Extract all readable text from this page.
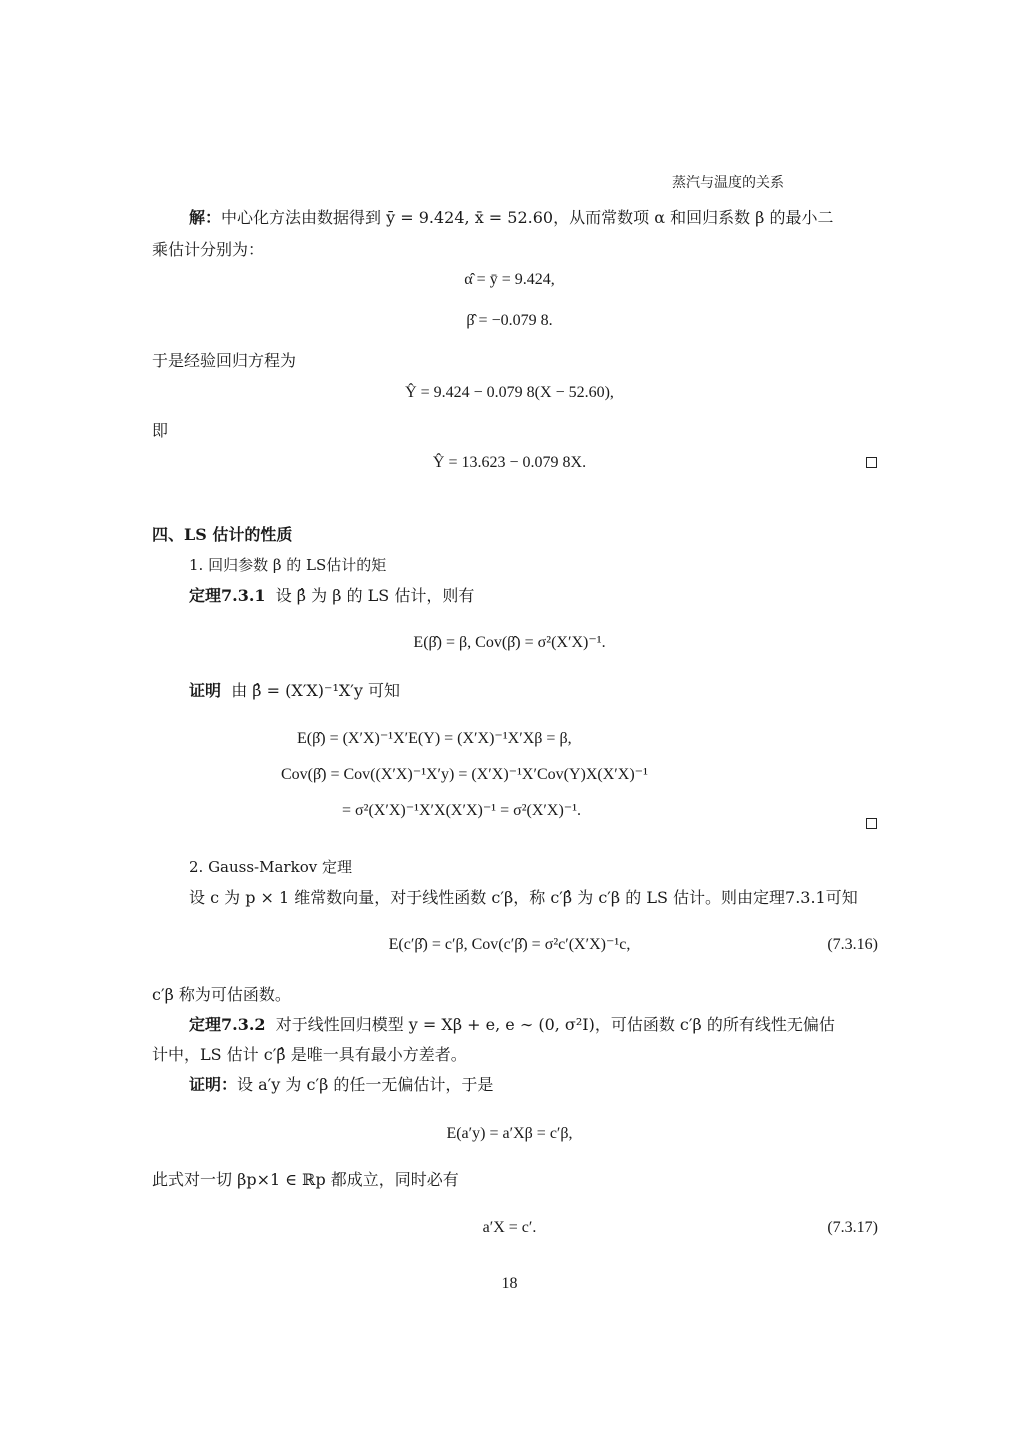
蒸汽与温度的关系
解：中心化方法由数据得到 ȳ = 9.424, x̄ = 52.60，从而常数项 α 和回归系数 β 的最小二
乘估计分别为：
α̂ = ȳ = 9.424,
β̂ = −0.079 8.
于是经验回归方程为
Ŷ = 9.424 − 0.079 8(X − 52.60),
即
Ŷ = 13.623 − 0.079 8X.
四、LS 估计的性质
1. 回归参数 β 的 LS估计的矩
定理7.3.1 设 β̂ 为 β 的 LS 估计，则有
E(β̂) = β, Cov(β̂) = σ²(X′X)⁻¹.
证明 由 β̂ = (X′X)⁻¹X′y 可知
E(β̂) = (X′X)⁻¹X′E(Y) = (X′X)⁻¹X′Xβ = β,
Cov(β̂) = Cov((X′X)⁻¹X′y) = (X′X)⁻¹X′Cov(Y)X(X′X)⁻¹
= σ²(X′X)⁻¹X′X(X′X)⁻¹ = σ²(X′X)⁻¹.
2. Gauss-Markov 定理
设 c 为 p × 1 维常数向量，对于线性函数 c′β，称 c′β̂ 为 c′β 的 LS 估计。则由定理7.3.1可知
E(c′β̂) = c′β, Cov(c′β̂) = σ²c′(X′X)⁻¹c,	(7.3.16)
c′β 称为可估函数。
定理7.3.2 对于线性回归模型 y = Xβ + e, e ∼ (0, σ²I)，可估函数 c′β 的所有线性无偏估
计中，LS 估计 c′β̂ 是唯一具有最小方差者。
证明：设 a′y 为 c′β 的任一无偏估计，于是
E(a′y) = a′Xβ = c′β,
此式对一切 βp×1 ∈ ℝp 都成立，同时必有
a′X = c′.	(7.3.17)
18
